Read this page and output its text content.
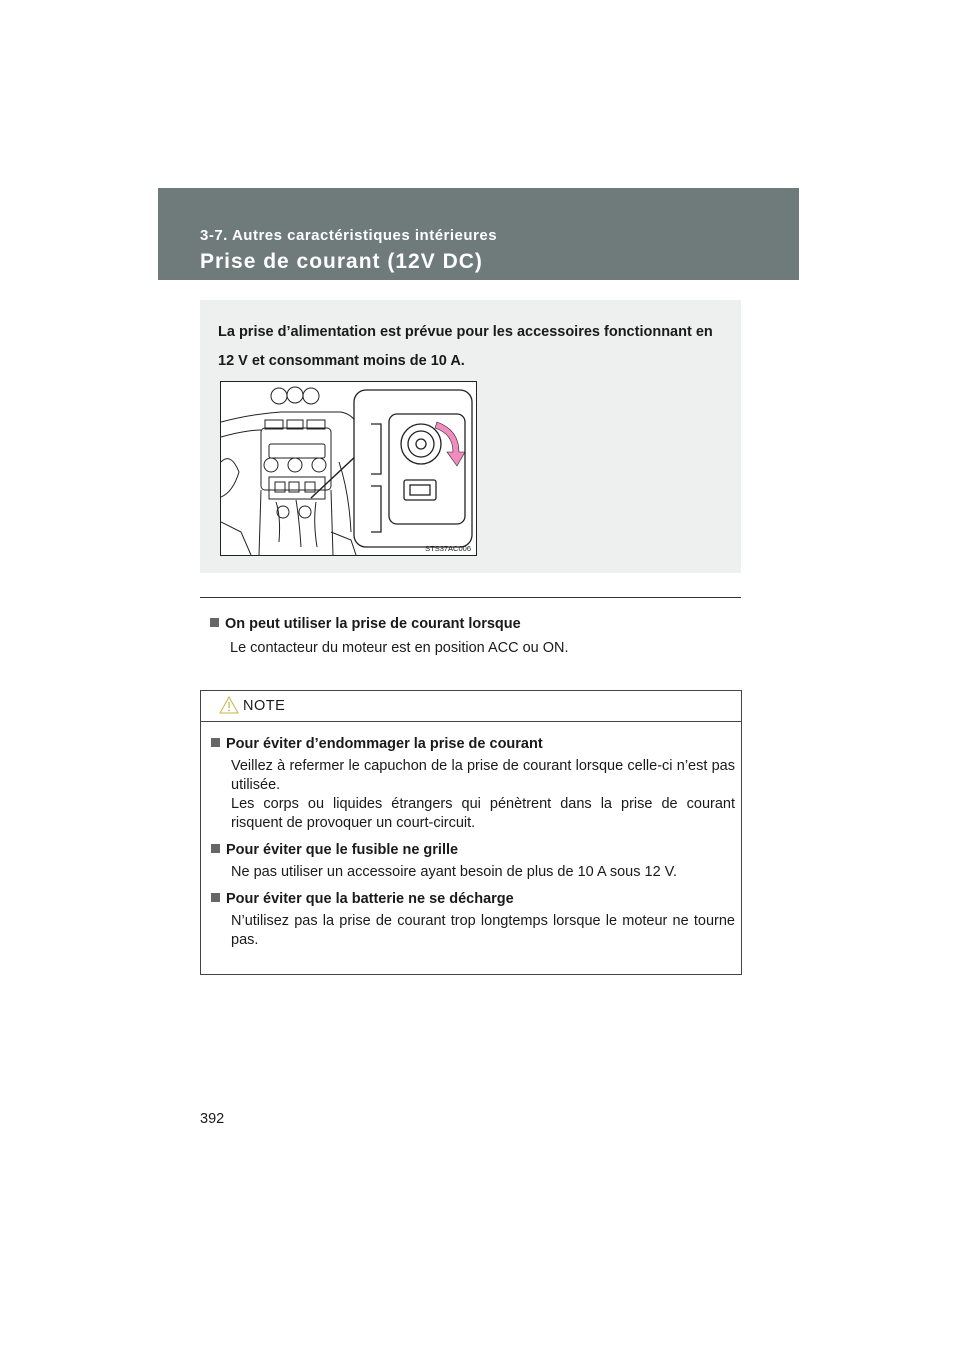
3-7. Autres caractéristiques intérieures
Prise de courant (12V DC)
La prise d’alimentation est prévue pour les accessoires fonctionnant en 12 V et consommant moins de 10 A.
STS37AC006
On peut utiliser la prise de courant lorsque
Le contacteur du moteur est en position ACC ou ON.
NOTE
Pour éviter d’endommager la prise de courant
Veillez à refermer le capuchon de la prise de courant lorsque celle-ci n’est pas utilisée.
Les corps ou liquides étrangers qui pénètrent dans la prise de courant risquent de provoquer un court-circuit.
Pour éviter que le fusible ne grille
Ne pas utiliser un accessoire ayant besoin de plus de 10 A sous 12 V.
Pour éviter que la batterie ne se décharge
N’utilisez pas la prise de courant trop longtemps lorsque le moteur ne tourne pas.
392
